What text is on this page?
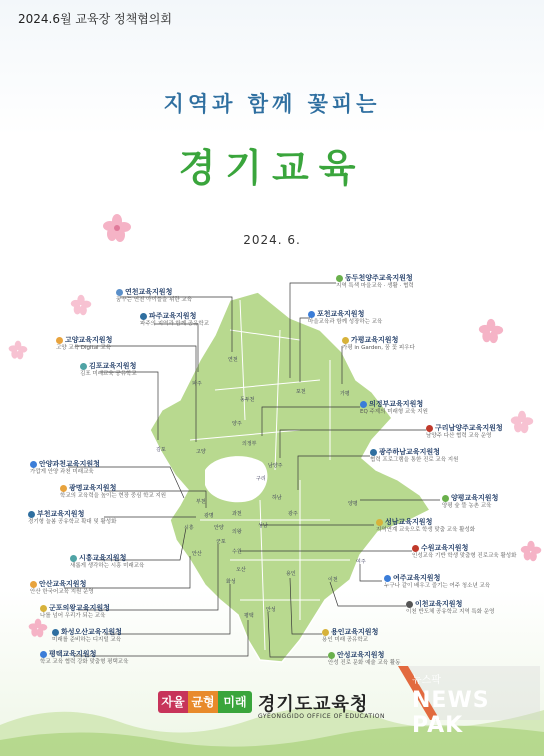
2024.6월 교육장 정책협의회
지역과 함께 꽃피는
경기교육
2024. 6.
연천
포천
동두천
파주
양주
가평
의정부
고양
남양주
구리
김포
하남
양평
부천
광명
성남
광주
시흥	안양
과천
군포
의왕
수원
용인
여주
안산
화성
오산
이천
평택
안성
연천교육지원청
꿈꾸는 연천 아이들을 위한 교육
동두천양주교육지원청
지역 특색 마을교육 · 생활 · 협력
파주교육지원청
파주의 지역과 함께 공유학교
포천교육지원청
마을교육과 함께 성장하는 교육
고양교육지원청
고양 교육 Digital 교육
가평교육지원청
가평 in Garden, 꿈 꽃 피우다
김포교육지원청
김포 미래교육 공유학교
의정부교육지원청
EQ 주제의 미래형 교육 지원
구리남양주교육지원청
남양주 다산 협력 교육 운영
광주하남교육지원청
협력 프로그램을 통한 진로 교육 지원
안양과천교육지원청
가깝게 안양 과천 미래교육
광명교육지원청
학교의 교육력을 높이는 현장 중심 학교 지원	양평교육지원청
양평 숲 뜰 농촌 교육
부천교육지원청
경기형 늘봄 공유학교 확대 및 활성화	성남교육지원청
지역연계 교육으로 학생 맞춤 교육 활성화
수원교육지원청
인성교육 기반 학생 맞춤형 진로교육 활성화
시흥교육지원청
새롭게 생각하는 시흥 미래교육
여주교육지원청
누구나 같이 배우고 즐기는 여주 청소년 교육
안산교육지원청
안산 한국어교육 지원 운영
이천교육지원청
이천 반도체 공유학교 지역 특화 운영
군포의왕교육지원청
나를 넘어 우리가 되는 교육
용인교육지원청
용인 미래 공유학교
화성오산교육지원청
미래를 준비하는 디지털 교육
안성교육지원청
안성 진로 문화 예술 교육 활동
평택교육지원청
학교 교육 협력 강화 맞춤형 평택교육
자율 균형 미래 경기도교육청
GYEONGGIDO OFFICE OF EDUCATION
뉴스팍
NEWS PAK
